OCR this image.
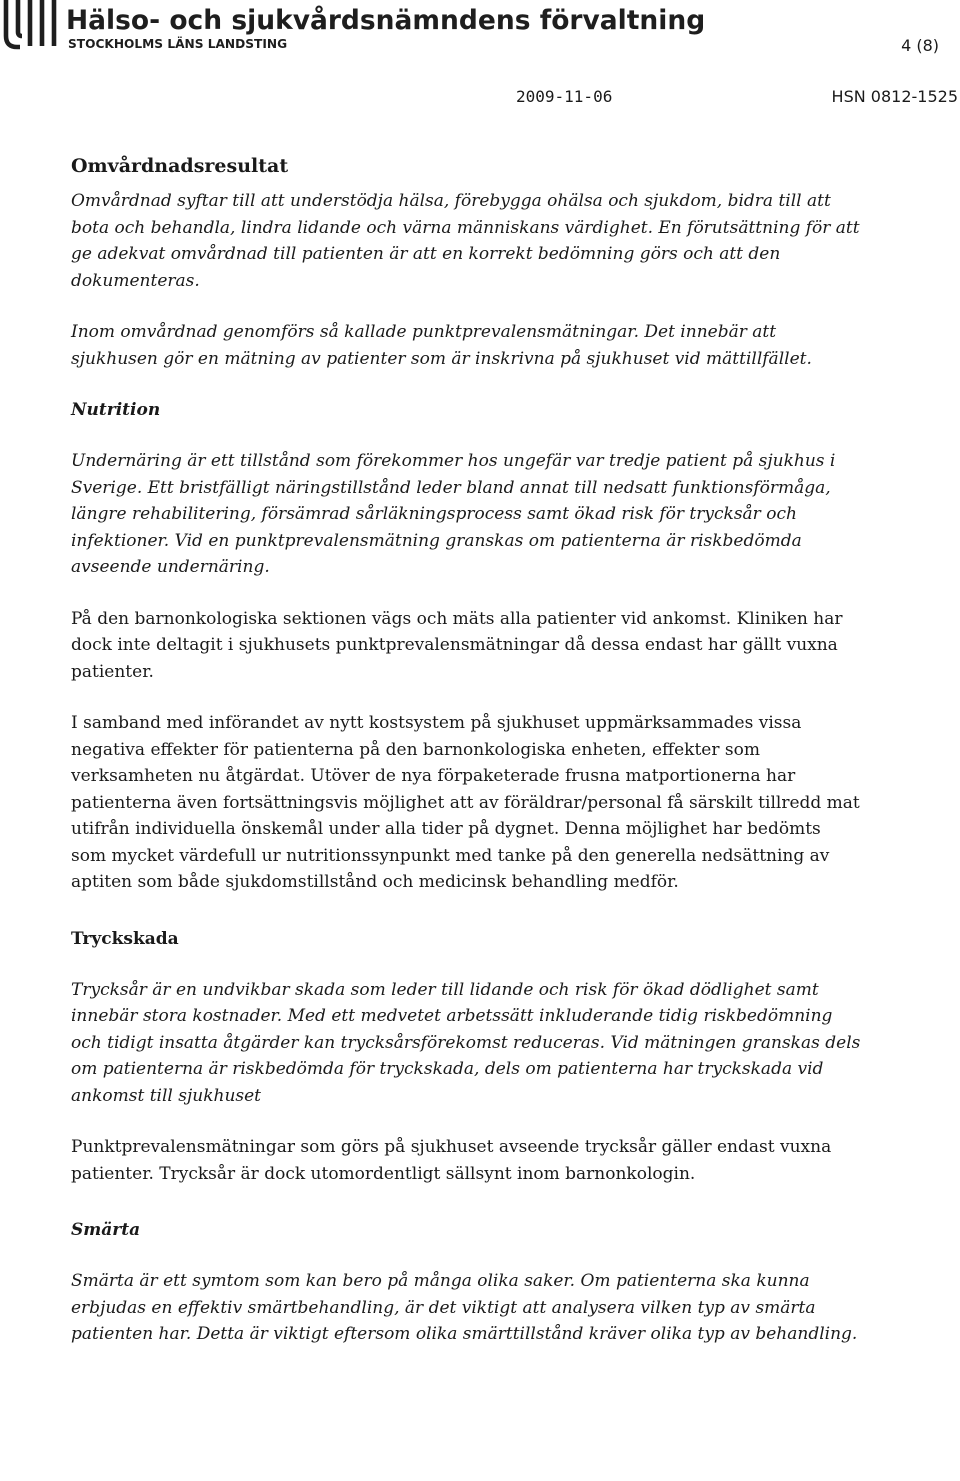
Hälso- och sjukvårdsnämndens förvaltning
STOCKHOLMS LÄNS LANDSTING	4 (8)
2009-11-06	HSN 0812-1525
Omvårdnadsresultat

Omvårdnad syftar till att understödja hälsa, förebygga ohälsa och sjukdom, bidra till att bota och behandla, lindra lidande och värna människans värdighet. En förutsättning för att ge adekvat omvårdnad till patienten är att en korrekt bedömning görs och att den dokumenteras.

Inom omvårdnad genomförs så kallade punktprevalensmätningar. Det innebär att sjukhusen gör en mätning av patienter som är inskrivna på sjukhuset vid mättillfället.

Nutrition

Undernäring är ett tillstånd som förekommer hos ungefär var tredje patient på sjukhus i Sverige. Ett bristfälligt näringstillstånd leder bland annat till nedsatt funktionsförmåga, längre rehabilitering, försämrad sårläkningsprocess samt ökad risk för trycksår och infektioner. Vid en punktprevalensmätning granskas om patienterna är riskbedömda avseende undernäring.

På den barnonkologiska sektionen vägs och mäts alla patienter vid ankomst. Kliniken har dock inte deltagit i sjukhusets punktprevalensmätningar då dessa endast har gällt vuxna patienter.

I samband med införandet av nytt kostsystem på sjukhuset uppmärksammades vissa negativa effekter för patienterna på den barnonkologiska enheten, effekter som verksamheten nu åtgärdat. Utöver de nya förpaketerade frusna matportionerna har patienterna även fortsättningsvis möjlighet att av föräldrar/personal få särskilt tillredd mat utifrån individuella önskemål under alla tider på dygnet. Denna möjlighet har bedömts som mycket värdefull ur nutritionssynpunkt med tanke på den generella nedsättning av aptiten som både sjukdomstillstånd och medicinsk behandling medför.

Tryckskada

Trycksår är en undvikbar skada som leder till lidande och risk för ökad dödlighet samt innebär stora kostnader. Med ett medvetet arbetssätt inkluderande tidig riskbedömning och tidigt insatta åtgärder kan trycksårsförekomst reduceras. Vid mätningen granskas dels om patienterna är riskbedömda för tryckskada, dels om patienterna har tryckskada vid ankomst till sjukhuset

Punktprevalensmätningar som görs på sjukhuset avseende trycksår gäller endast vuxna patienter. Trycksår är dock utomordentligt sällsynt inom barnonkologin.

Smärta

Smärta är ett symtom som kan bero på många olika saker. Om patienterna ska kunna erbjudas en effektiv smärtbehandling, är det viktigt att analysera vilken typ av smärta patienten har. Detta är viktigt eftersom olika smärttillstånd kräver olika typ av behandling.
